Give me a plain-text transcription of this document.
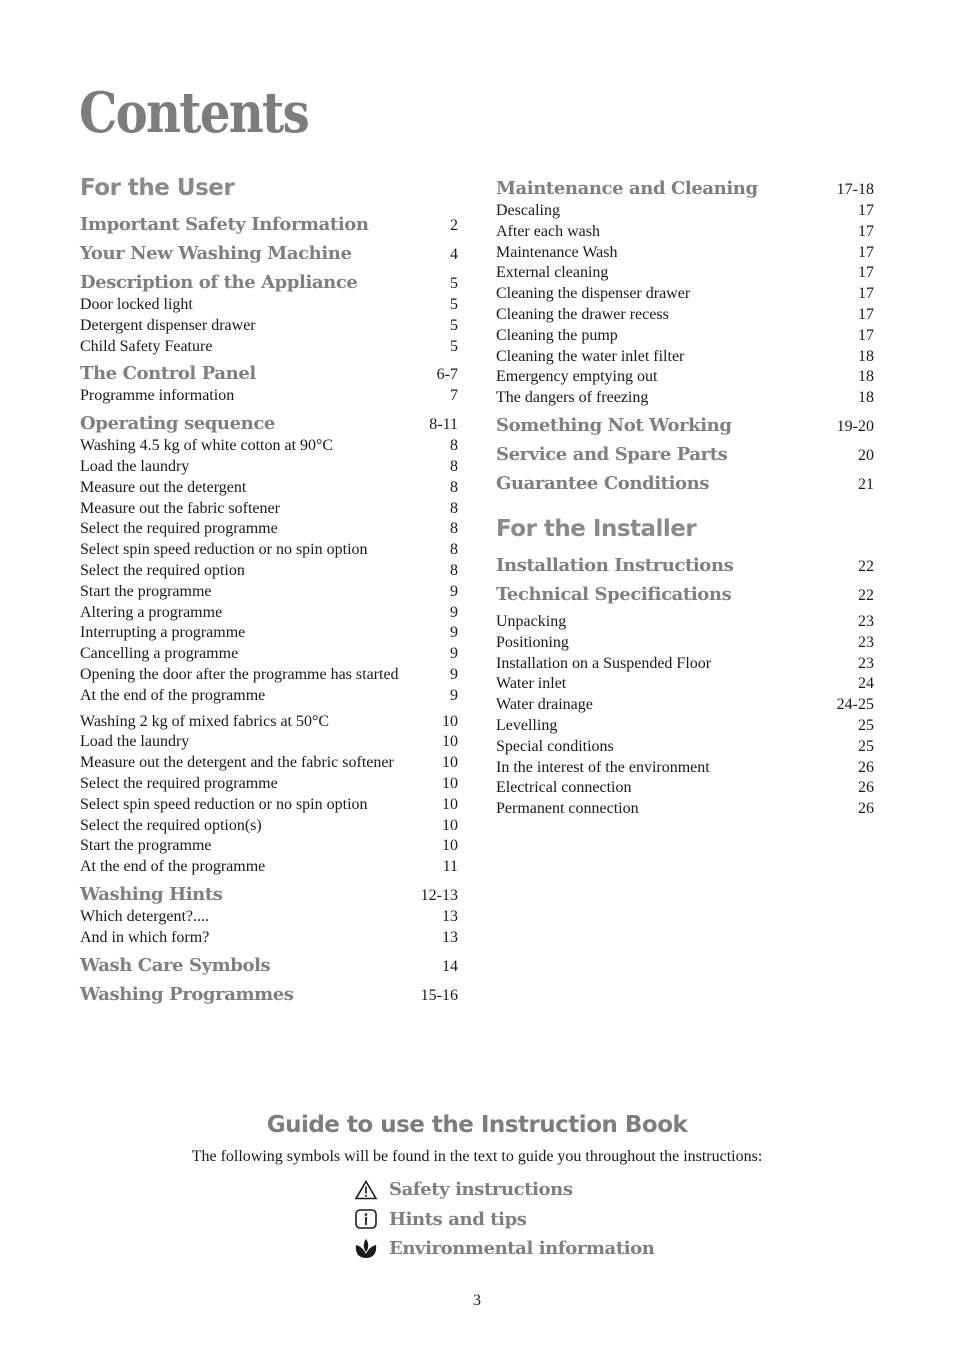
Contents
For the User
Important Safety Information	2
Your New Washing Machine	4
Description of the Appliance	5
Door locked light	5
Detergent dispenser drawer	5
Child Safety Feature	5
The Control Panel	6-7
Programme information	7
Operating sequence	8-11
Washing 4.5 kg of white cotton at 90°C	8
Load the laundry	8
Measure out the detergent	8
Measure out the fabric softener	8
Select the required programme	8
Select spin speed reduction or no spin option	8
Select the required option	8
Start the programme	9
Altering a programme	9
Interrupting a programme	9
Cancelling a programme	9
Opening the door after the programme has started	9
At the end of the programme	9
Washing 2 kg of mixed fabrics at 50°C	10
Load the laundry	10
Measure out the detergent and the fabric softener	10
Select the required programme	10
Select spin speed reduction or no spin option	10
Select the required option(s)	10
Start the programme	10
At the end of the programme	11
Washing Hints	12-13
Which detergent?....	13
And in which form?	13
Wash Care Symbols	14
Washing Programmes	15-16
Maintenance and Cleaning	17-18
Descaling	17
After each wash	17
Maintenance Wash	17
External cleaning	17
Cleaning the dispenser drawer	17
Cleaning the drawer recess	17
Cleaning the pump	17
Cleaning the water inlet filter	18
Emergency emptying out	18
The dangers of freezing	18
Something Not Working	19-20
Service and Spare Parts	20
Guarantee Conditions	21
For the Installer
Installation Instructions	22
Technical Specifications	22
Unpacking	23
Positioning	23
Installation on a Suspended Floor	23
Water inlet	24
Water drainage	24-25
Levelling	25
Special conditions	25
In the interest of the environment	26
Electrical connection	26
Permanent connection	26
Guide to use the Instruction Book

The following symbols will be found in the text to guide you throughout the instructions:

Safety instructions
Hints and tips
Environmental information
3
